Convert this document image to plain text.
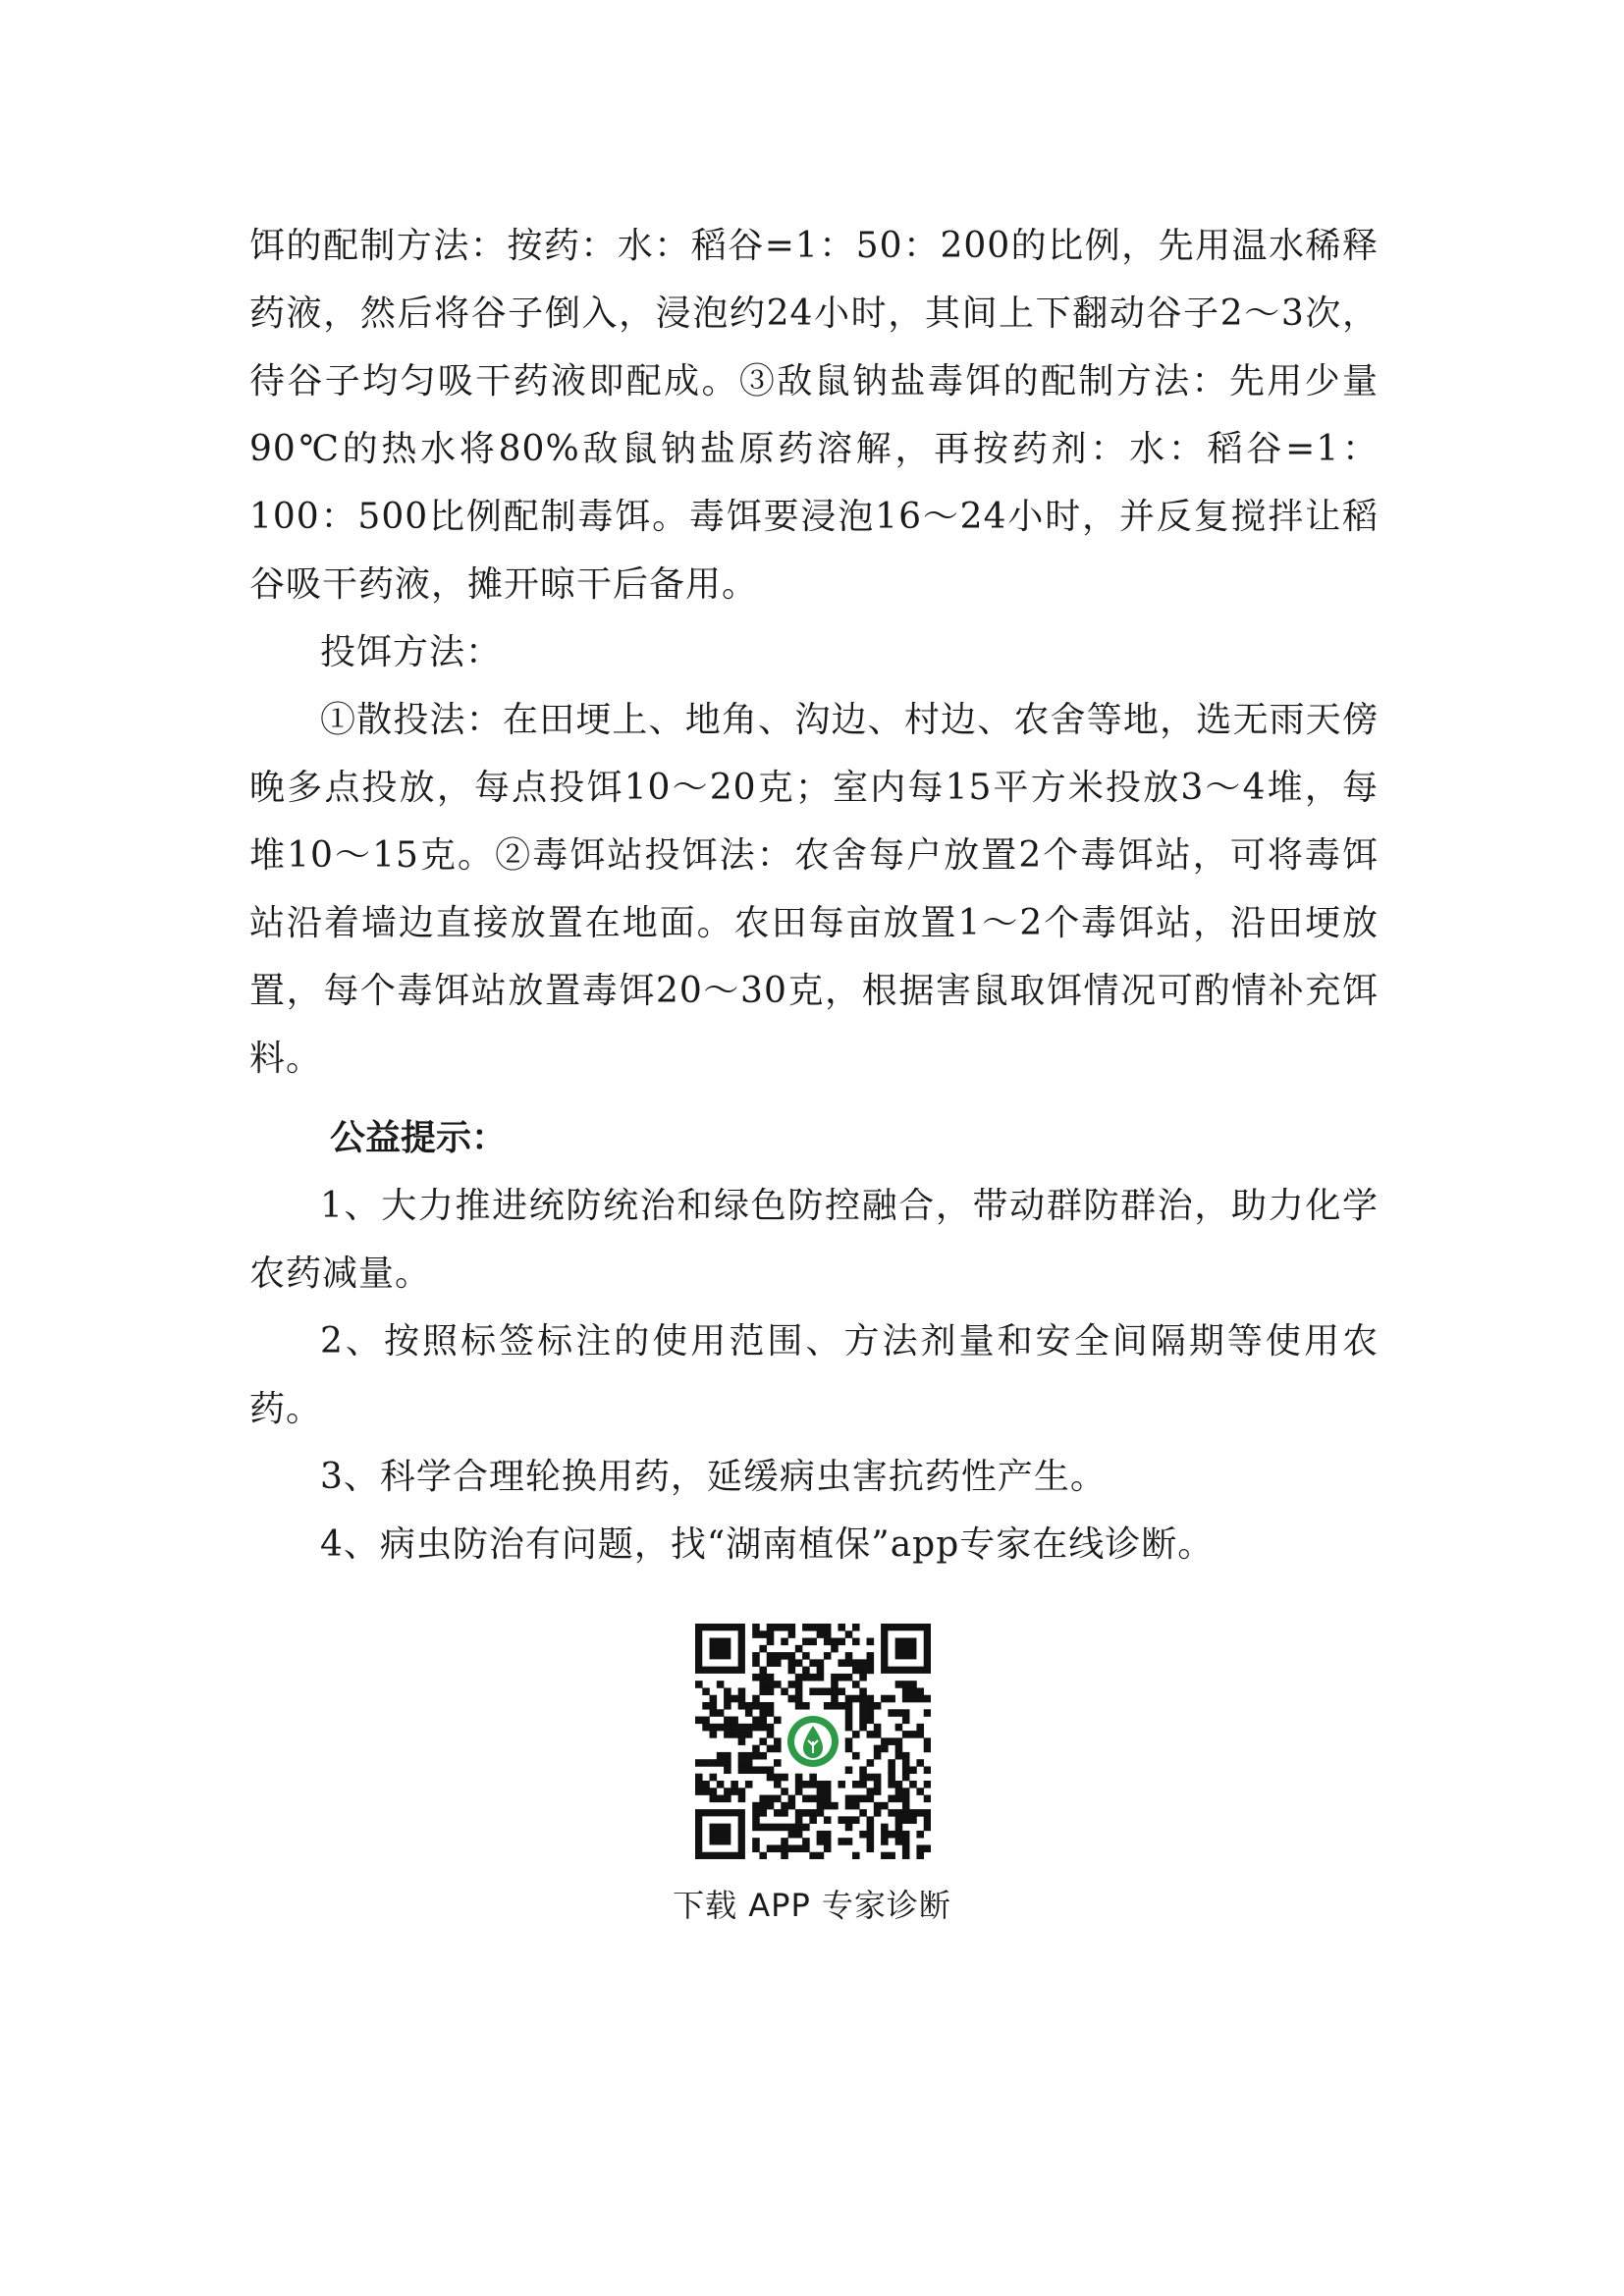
饵的配制方法：按药：水：稻谷=1：50：200的比例，先用温水稀释药液，然后将谷子倒入，浸泡约24小时，其间上下翻动谷子2～3次，待谷子均匀吸干药液即配成。③敌鼠钠盐毒饵的配制方法：先用少量90℃的热水将80%敌鼠钠盐原药溶解，再按药剂：水：稻谷=1：100：500比例配制毒饵。毒饵要浸泡16～24小时，并反复搅拌让稻谷吸干药液，摊开晾干后备用。

投饵方法：

①散投法：在田埂上、地角、沟边、村边、农舍等地，选无雨天傍晚多点投放，每点投饵10～20克；室内每15平方米投放3～4堆，每堆10～15克。②毒饵站投饵法：农舍每户放置2个毒饵站，可将毒饵站沿着墙边直接放置在地面。农田每亩放置1～2个毒饵站，沿田埂放置，每个毒饵站放置毒饵20～30克，根据害鼠取饵情况可酌情补充饵料。

公益提示：

1、大力推进统防统治和绿色防控融合，带动群防群治，助力化学农药减量。

2、按照标签标注的使用范围、方法剂量和安全间隔期等使用农药。

3、科学合理轮换用药，延缓病虫害抗药性产生。

4、病虫防治有问题，找“湖南植保”app专家在线诊断。

下载 APP 专家诊断
